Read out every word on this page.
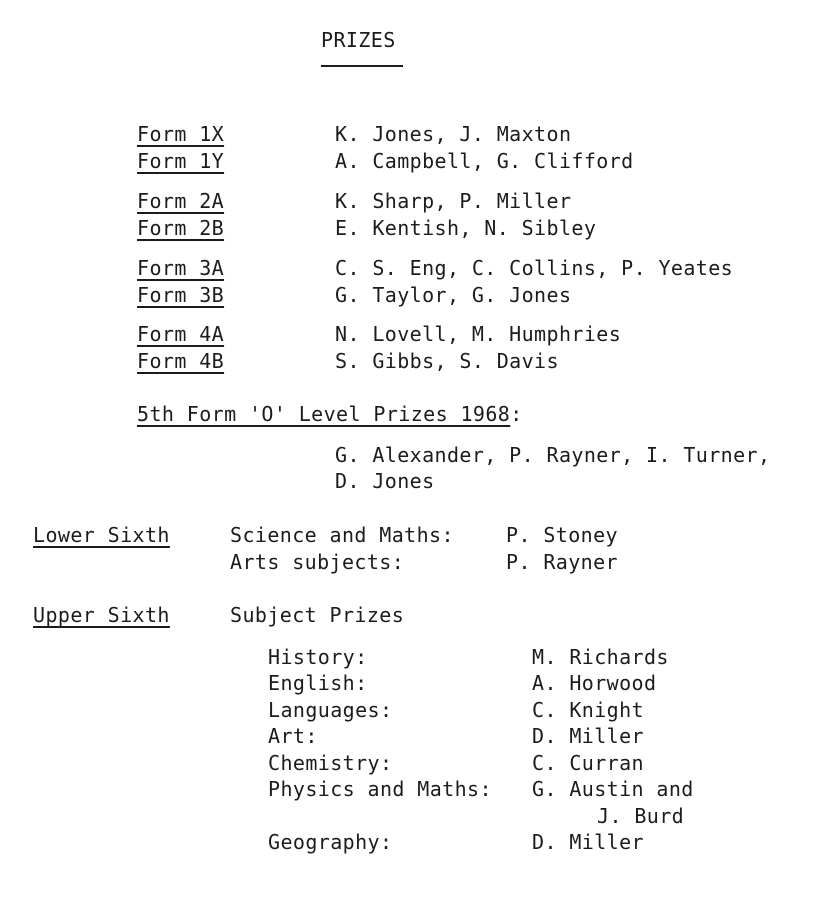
PRIZES
Form 1X	K. Jones, J. Maxton
Form 1Y	A. Campbell, G. Clifford
Form 2A	K. Sharp, P. Miller
Form 2B	E. Kentish, N. Sibley
Form 3A	C. S. Eng, C. Collins, P. Yeates
Form 3B	G. Taylor, G. Jones
Form 4A	N. Lovell, M. Humphries
Form 4B	S. Gibbs, S. Davis
5th Form 'O' Level Prizes 1968:
G. Alexander, P. Rayner, I. Turner,
D. Jones
Lower Sixth	Science and Maths:	P. Stoney
Arts subjects:	P. Rayner
Upper Sixth	Subject Prizes
History:	M. Richards
English:	A. Horwood
Languages:	C. Knight
Art:	D. Miller
Chemistry:	C. Curran
Physics and Maths: G. Austin and
J. Burd
Geography:	D. Miller
